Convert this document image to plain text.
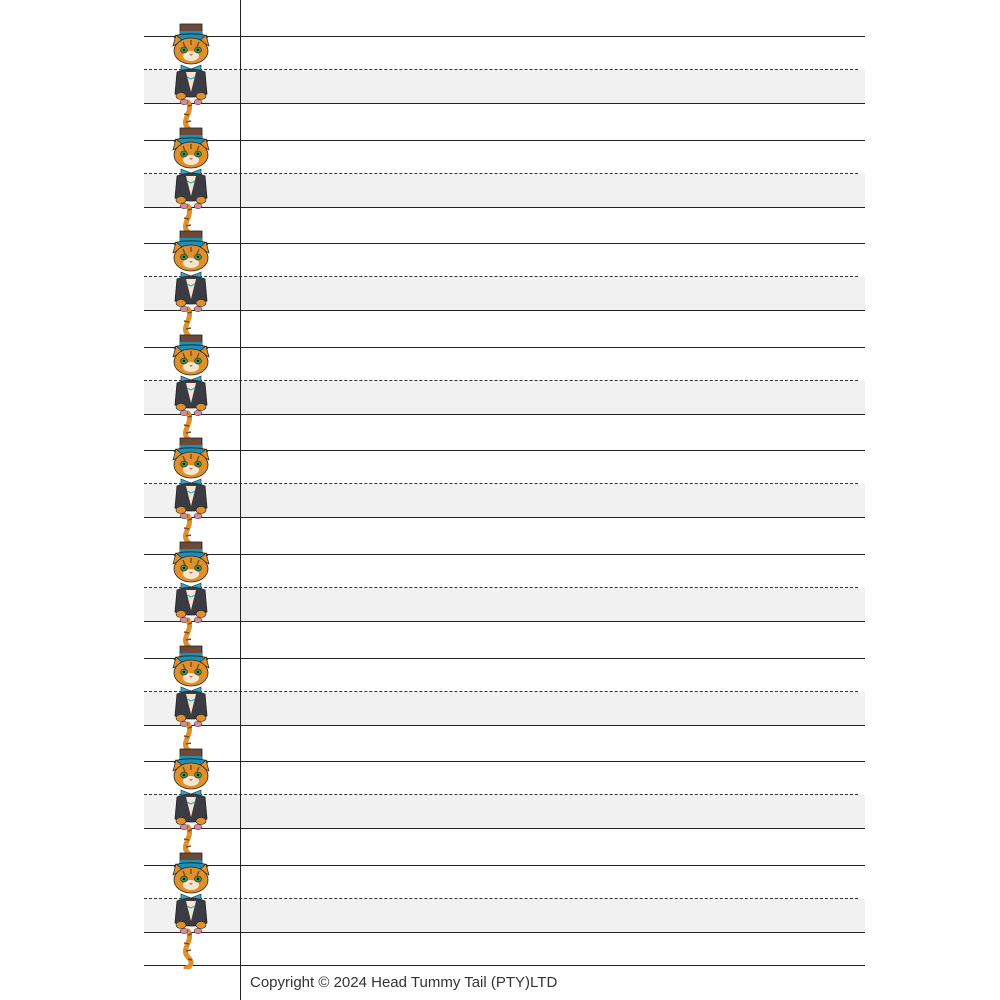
Copyright © 2024 Head Tummy Tail (PTY)LTD
